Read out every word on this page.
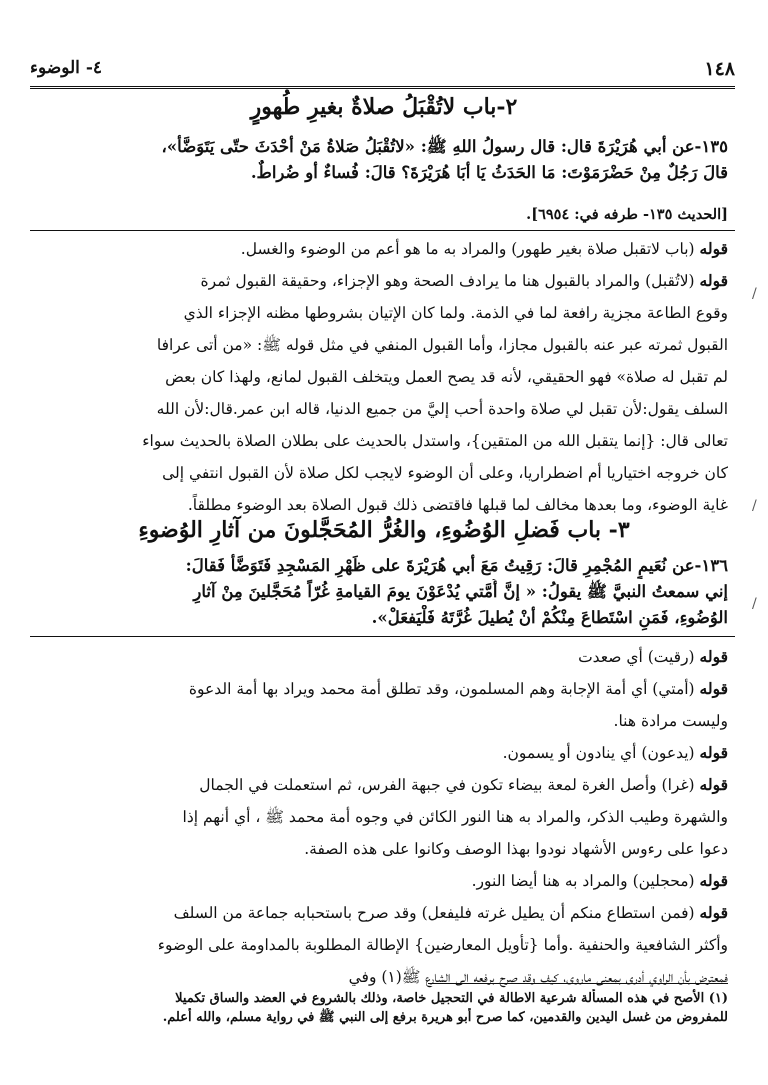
١٤٨
٤- الوضوء
٢-باب لاتُقْبَلُ صلاةٌ بغيرِ طُهورٍ
١٣٥-عن أبي هُرَيْرَةَ قال: قال رسولُ اللهِ ﷺ: «لاتُقْبَلُ صَلاةُ مَنْ أحْدَثَ حتّى يَتَوَضَّأ»،
قالَ رَجُلٌ مِنْ حَضْرَمَوْتَ: مَا الحَدَثُ يَا أبَا هُرَيْرَةَ؟ قالَ: فُساءٌ أو ضُراطٌ.
[الحديث ١٣٥- طرفه في: ٦٩٥٤].
قوله (باب لاتقبل صلاة بغير طهور) والمراد به ما هو أعم من الوضوء والغسل.
قوله (لاتُقبل) والمراد بالقبول هنا ما يرادف الصحة وهو الإجزاء، وحقيقة القبول ثمرة
وقوع الطاعة مجزية رافعة لما في الذمة. ولما كان الإتيان بشروطها مظنه الإجزاء الذي
القبول ثمرته عبر عنه بالقبول مجازا، وأما القبول المنفي في مثل قوله ﷺ: «من أتى عرافا
لم تقبل له صلاة» فهو الحقيقي، لأنه قد يصح العمل ويتخلف القبول لمانع، ولهذا كان بعض
السلف يقول:لأن تقبل لي صلاة واحدة أحب إليَّ من جميع الدنيا، قاله ابن عمر.قال:لأن الله
تعالى قال: {إنما يتقبل الله من المتقين}، واستدل بالحديث على بطلان الصلاة بالحديث سواء
كان خروجه اختياريا أم اضطراريا، وعلى أن الوضوء لايجب لكل صلاة لأن القبول انتفي إلى
غاية الوضوء، وما بعدها مخالف لما قبلها فاقتضى ذلك قبول الصلاة بعد الوضوء مطلقاً.
٣- باب فَضلِ الوُضُوءِ، والغُرُّ المُحَجَّلونَ من آثارِ الوُضوءِ
١٣٦-عن نُعَيمٍ المُجْمِرِ قالَ: رَقِيتُ مَعَ أبي هُرَيْرَةَ على ظَهْرِ المَسْجِدِ فَتَوَضَّأ فَقالَ:
إني سمعتُ النبيَّ ﷺ يقولُ: « إنَّ أُمَّتي يُدْعَوْنَ يومَ القيامةِ غُرّاً مُحَجَّلينَ مِنْ آثارِ
الوُضُوءِ، فَمَنِ اسْتَطاعَ مِنْكُمْ أنْ يُطيلَ غُرَّتَهُ فَلْيَفعَلْ».
قوله (رقيت) أي صعدت
قوله (أمتي) أي أمة الإجابة وهم المسلمون، وقد تطلق أمة محمد ويراد بها أمة الدعوة
وليست مرادة هنا.
قوله (يدعون) أي ينادون أو يسمون.
قوله (غرا) وأصل الغرة لمعة بيضاء تكون في جبهة الفرس، ثم استعملت في الجمال
والشهرة وطيب الذكر، والمراد به هنا النور الكائن في وجوه أمة محمد ﷺ ، أي أنهم إذا
دعوا على رءوس الأشهاد نودوا بهذا الوصف وكانوا على هذه الصفة.
قوله (محجلين) والمراد به هنا أيضا النور.
قوله (فمن استطاع منكم أن يطيل غرته فليفعل) وقد صرح باستحبابه جماعة من السلف
وأكثر الشافعية والحنفية .وأما {تأويل المعارضين} الإطالة المطلوبة بالمداومة على الوضوء
فمعترض بأن الراوي أدرى بمعنى ماروى، كيف وقد صرح برفعه الى الشارع ﷺ(١) وفي
(١) الأصح في هذه المسألة شرعية الاطالة في التحجيل خاصة، وذلك بالشروع في العضد والساق تكميلا
للمفروض من غسل اليدين والقدمين، كما صرح أبو هريرة برفع إلى النبي ﷺ في رواية مسلم، والله أعلم.
/
/
/
